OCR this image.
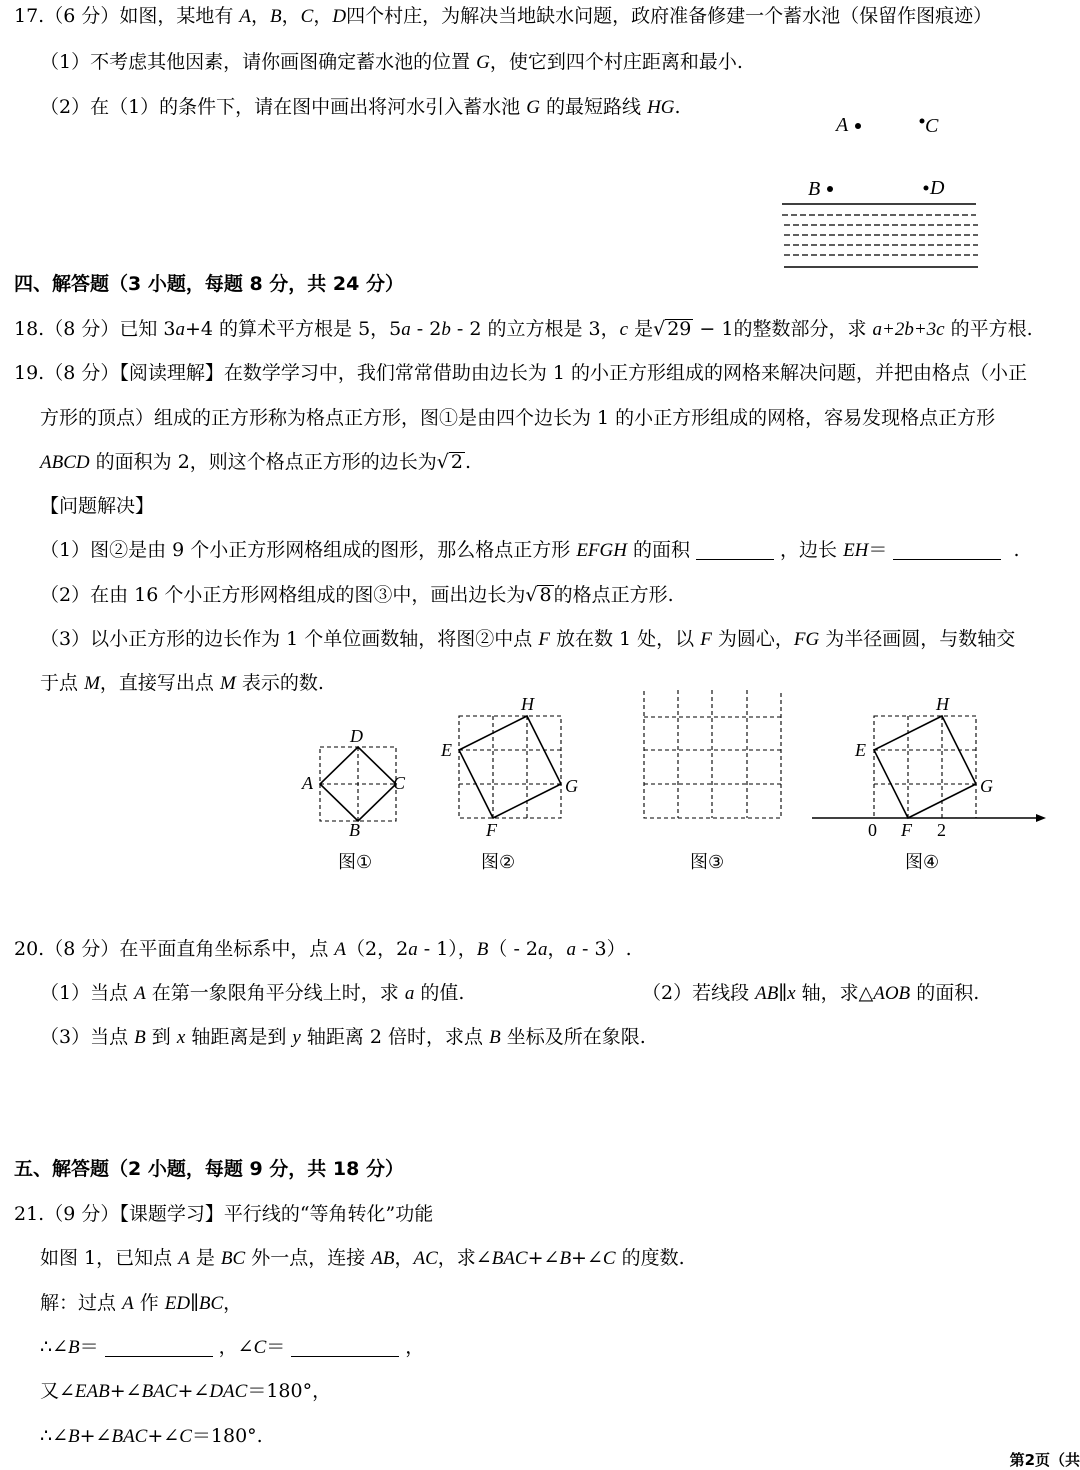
17.（6 分）如图，某地有 A，B，C，D四个村庄，为解决当地缺水问题，政府准备修建一个蓄水池（保留作图痕迹）
（1）不考虑其他因素，请你画图确定蓄水池的位置 G，使它到四个村庄距离和最小.
（2）在（1）的条件下，请在图中画出将河水引入蓄水池 G 的最短路线 HG.
A	C
B	D
四、解答题（3 小题，每题 8 分，共 24 分）
18.（8 分）已知 3a+4 的算术平方根是 5，5a - 2b - 2 的立方根是 3，c 是√ 29 − 1的整数部分，求 a+2b+3c 的平方根.
19.（8 分）【阅读理解】在数学学习中，我们常常借助由边长为 1 的小正方形组成的网格来解决问题，并把由格点（小正
方形的顶点）组成的正方形称为格点正方形，图①是由四个边长为 1 的小正方形组成的网格，容易发现格点正方形
ABCD 的面积为 2，则这个格点正方形的边长为√ 2 .
【问题解决】
（1）图②是由 9 个小正方形网格组成的图形，那么格点正方形 EFGH 的面积	，边长 EH＝	.
（2）在由 16 个小正方形网格组成的图③中，画出边长为√ 8 的格点正方形.
（3）以小正方形的边长作为 1 个单位画数轴，将图②中点 F 放在数 1 处，以 F 为圆心，FG 为半径画圆，与数轴交
于点 M，直接写出点 M 表示的数.
D
A	C
B
H
E
G
F
H
E
G
0 F 2
图①	图②	图③	图④
20.（8 分）在平面直角坐标系中，点 A（2，2a - 1），B（ - 2a，a - 3）.
（1）当点 A 在第一象限角平分线上时，求 a 的值.	（2）若线段 AB∥x 轴，求△AOB 的面积.
（3）当点 B 到 x 轴距离是到 y 轴距离 2 倍时，求点 B 坐标及所在象限.
五、解答题（2 小题，每题 9 分，共 18 分）
21.（9 分）【课题学习】平行线的“等角转化”功能
如图 1，已知点 A 是 BC 外一点，连接 AB，AC，求∠BAC+∠B+∠C 的度数.
解：过点 A 作 ED∥BC，
∴∠B＝	，∠C＝	，
又∠EAB+∠BAC+∠DAC＝180°，
∴∠B+∠BAC+∠C＝180°.
第2页（共
